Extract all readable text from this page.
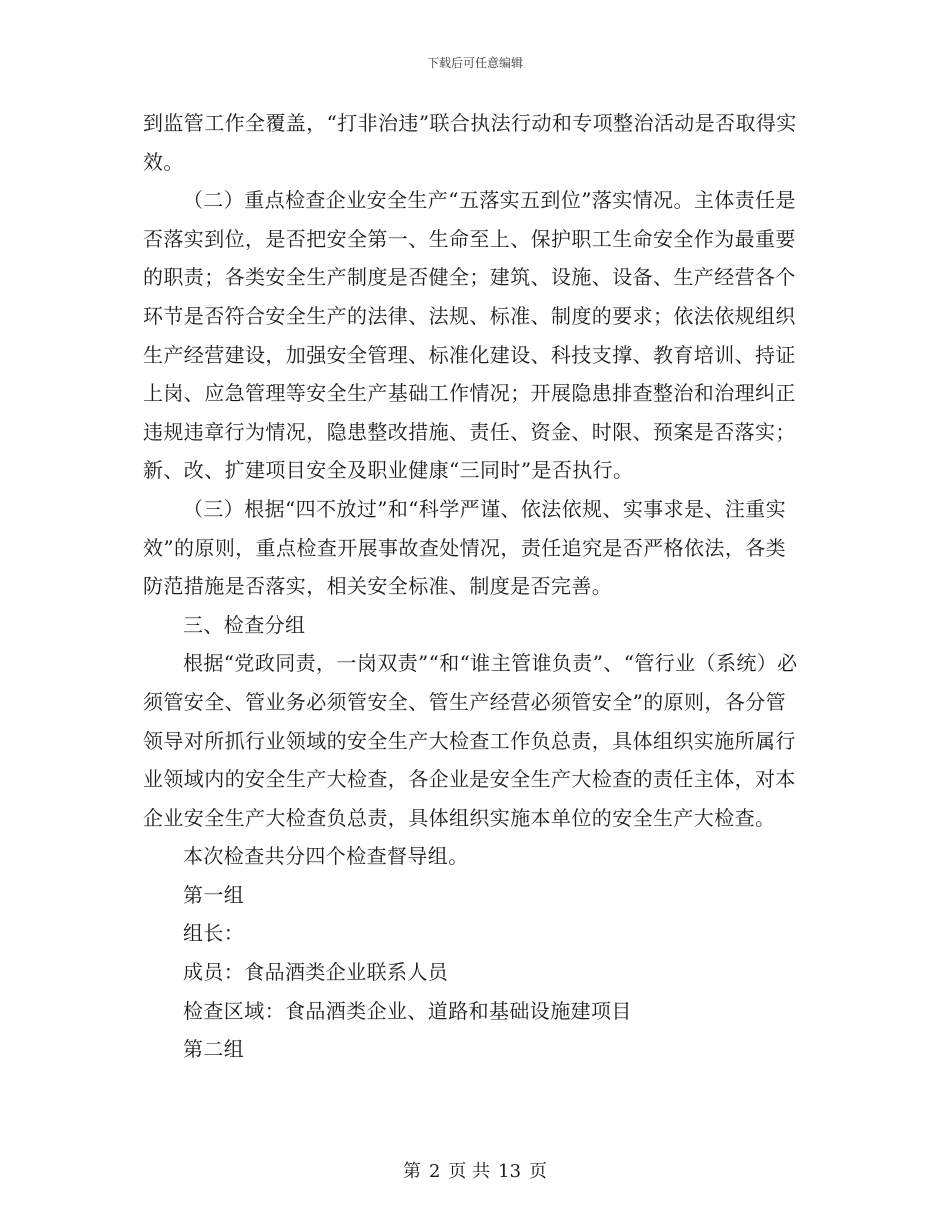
下载后可任意编辑

到监管工作全覆盖，“打非治违”联合执法行动和专项整治活动是否取得实效。

（二）重点检查企业安全生产“五落实五到位”落实情况。主体责任是否落实到位，是否把安全第一、生命至上、保护职工生命安全作为最重要的职责；各类安全生产制度是否健全；建筑、设施、设备、生产经营各个环节是否符合安全生产的法律、法规、标准、制度的要求；依法依规组织生产经营建设，加强安全管理、标准化建设、科技支撑、教育培训、持证上岗、应急管理等安全生产基础工作情况；开展隐患排查整治和治理纠正违规违章行为情况，隐患整改措施、责任、资金、时限、预案是否落实；新、改、扩建项目安全及职业健康“三同时”是否执行。

（三）根据“四不放过”和“科学严谨、依法依规、实事求是、注重实效”的原则，重点检查开展事故查处情况，责任追究是否严格依法，各类防范措施是否落实，相关安全标准、制度是否完善。

三、检查分组

根据“党政同责，一岗双责”“和“谁主管谁负责”、“管行业（系统）必须管安全、管业务必须管安全、管生产经营必须管安全”的原则，各分管领导对所抓行业领域的安全生产大检查工作负总责，具体组织实施所属行业领域内的安全生产大检查，各企业是安全生产大检查的责任主体，对本企业安全生产大检查负总责，具体组织实施本单位的安全生产大检查。

本次检查共分四个检查督导组。

第一组

组长：

成员：食品酒类企业联系人员

检查区域：食品酒类企业、道路和基础设施建项目

第二组

第 2 页 共 13 页
